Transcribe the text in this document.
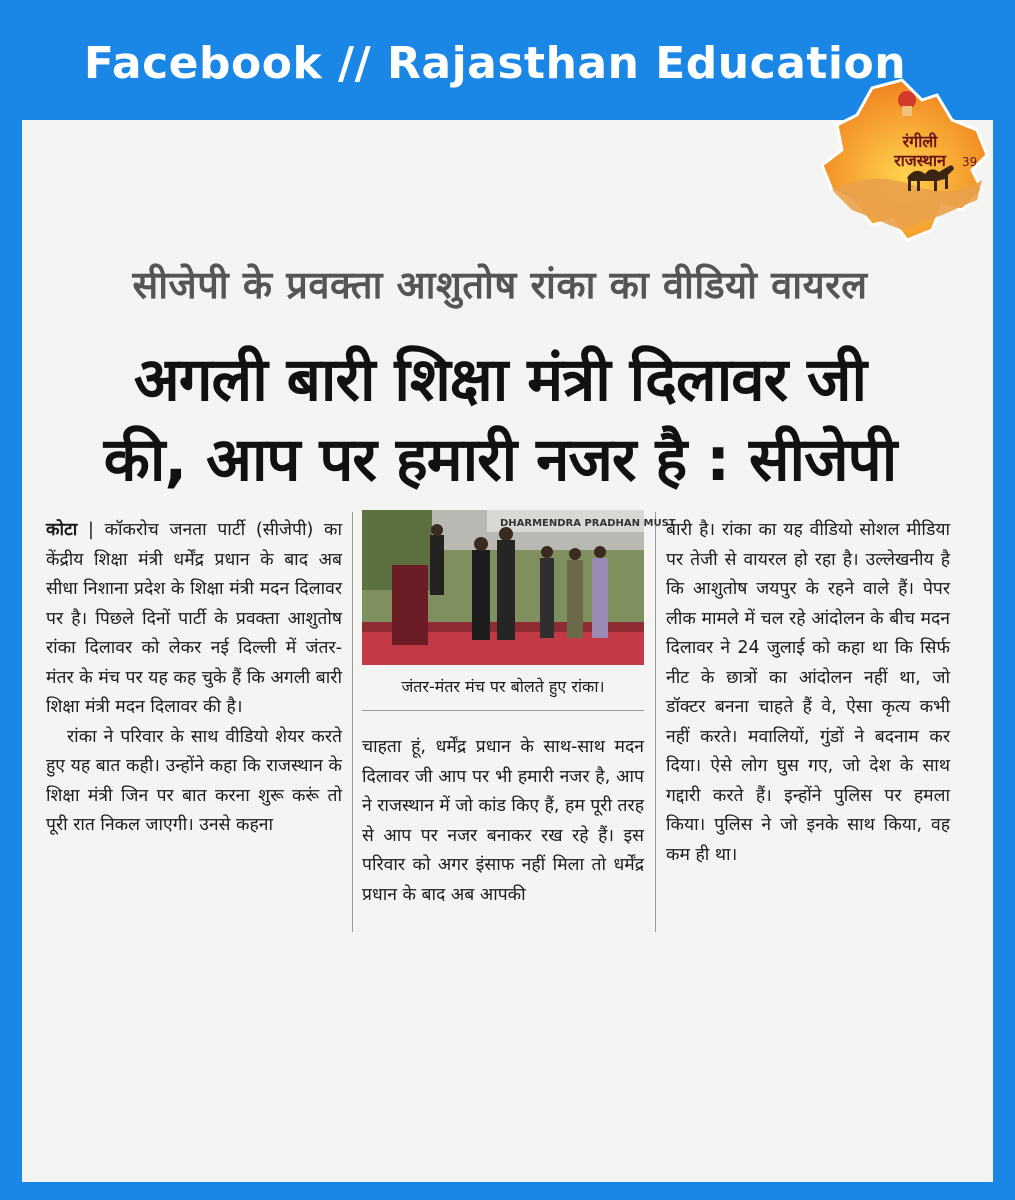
Facebook // Rajasthan Education
रंगीली
राजस्थान	39
सीजेपी के प्रवक्ता आशुतोष रांका का वीडियो वायरल
अगली बारी शिक्षा मंत्री दिलावर जी
की, आप पर हमारी नजर है : सीजेपी
कोटा | कॉकरोच जनता पार्टी (सीजेपी) का केंद्रीय शिक्षा मंत्री धर्मेंद्र प्रधान के बाद अब सीधा निशाना प्रदेश के शिक्षा मंत्री मदन दिलावर पर है। पिछले दिनों पार्टी के प्रवक्ता आशुतोष रांका दिलावर को लेकर नई दिल्ली में जंतर-मंतर के मंच पर यह कह चुके हैं कि अगली बारी शिक्षा मंत्री मदन दिलावर की है।
रांका ने परिवार के साथ वीडियो शेयर करते हुए यह बात कही। उन्होंने कहा कि राजस्थान के शिक्षा मंत्री जिन पर बात करना शुरू करूं तो पूरी रात निकल जाएगी। उनसे कहना
DHARMENDRA PRADHAN MUST
जंतर-मंतर मंच पर बोलते हुए रांका।
चाहता हूं, धर्मेंद्र प्रधान के साथ-साथ मदन दिलावर जी आप पर भी हमारी नजर है, आप ने राजस्थान में जो कांड किए हैं, हम पूरी तरह से आप पर नजर बनाकर रख रहे हैं। इस परिवार को अगर इंसाफ नहीं मिला तो धर्मेंद्र प्रधान के बाद अब आपकी
बारी है। रांका का यह वीडियो सोशल मीडिया पर तेजी से वायरल हो रहा है। उल्लेखनीय है कि आशुतोष जयपुर के रहने वाले हैं। पेपर लीक मामले में चल रहे आंदोलन के बीच मदन दिलावर ने 24 जुलाई को कहा था कि सिर्फ नीट के छात्रों का आंदोलन नहीं था, जो डॉक्टर बनना चाहते हैं वे, ऐसा कृत्य कभी नहीं करते। मवालियों, गुंडों ने बदनाम कर दिया। ऐसे लोग घुस गए, जो देश के साथ गद्दारी करते हैं। इन्होंने पुलिस पर हमला किया। पुलिस ने जो इनके साथ किया, वह कम ही था।
